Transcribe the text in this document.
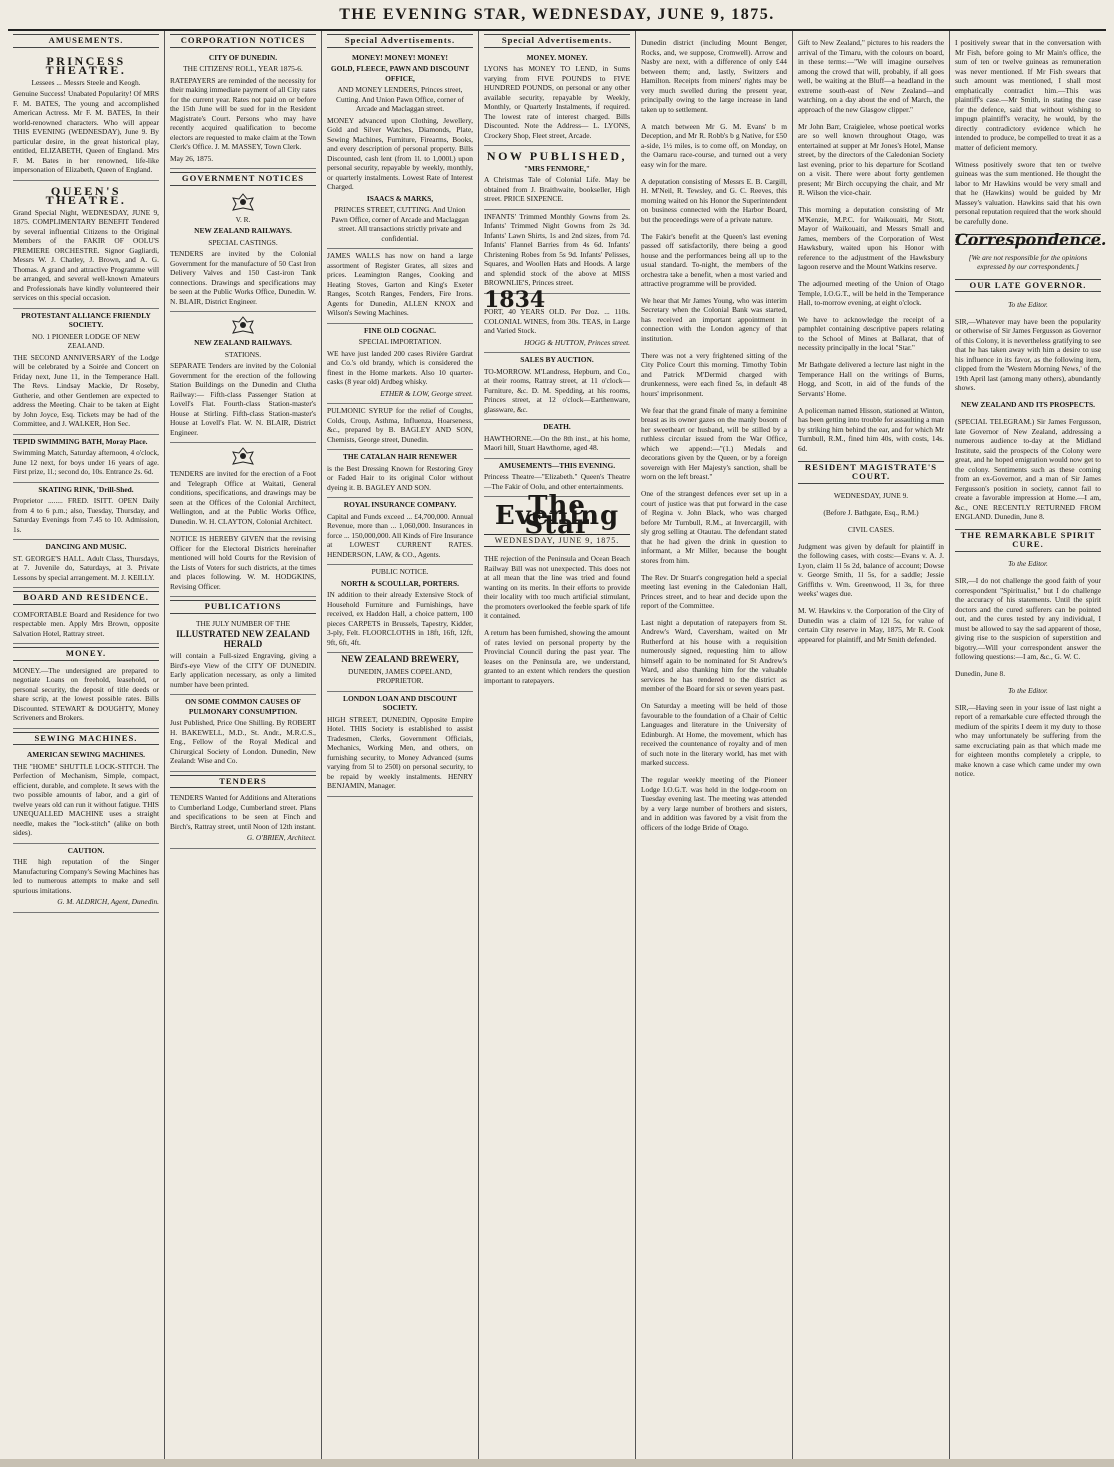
THE EVENING STAR, WEDNESDAY, JUNE 9, 1875.
AMUSEMENTS.
PRINCESS THEATRE.

Lessees ... Messrs Steele and Keogh.

Genuine Success! Unabated Popularity! Of MRS F. M. BATES, The young and accomplished American Actress. Mr F. M. BATES, In their world-renowned characters. Who will appear THIS EVENING (WEDNESDAY), June 9. By particular desire, in the great historical play, entitled, ELIZABETH, Queen of England. Mrs F. M. Bates in her renowned, life-like impersonation of Elizabeth, Queen of England.

QUEEN'S THEATRE.

Grand Special Night, WEDNESDAY, JUNE 9, 1875. COMPLIMENTARY BENEFIT Tendered by several influential Citizens to the Original Members of the FAKIR OF OOLU'S PREMIERE ORCHESTRE. Signor Gagliardi, Messrs W. J. Chatley, J. Brown, and A. G. Thomas. A grand and attractive Programme will be arranged, and several well-known Amateurs and Professionals have kindly volunteered their services on this special occasion.

PROTESTANT ALLIANCE FRIENDLY SOCIETY.

NO. 1 PIONEER LODGE OF NEW ZEALAND.

THE SECOND ANNIVERSARY of the Lodge will be celebrated by a Soirée and Concert on Friday next, June 11, in the Temperance Hall. The Revs. Lindsay Mackie, Dr Roseby, Gutherie, and other Gentlemen are expected to address the Meeting. Chair to be taken at Eight by John Joyce, Esq. Tickets may be had of the Committee, and J. WALKER, Hon Sec.

TEPID SWIMMING BATH, Moray Place.

Swimming Match, Saturday afternoon, 4 o'clock, June 12 next, for boys under 16 years of age. First prize, 1l.; second do, 10s. Entrance 2s. 6d.

SKATING RINK, 'Drill-Shed.

Proprietor ........ FRED. ISITT. OPEN Daily from 4 to 6 p.m.; also, Tuesday, Thursday, and Saturday Evenings from 7.45 to 10. Admission, 1s.

DANCING AND MUSIC.

ST. GEORGE'S HALL. Adult Class, Thursdays, at 7. Juvenile do, Saturdays, at 3. Private Lessons by special arrangement. M. J. KEILLY.

BOARD AND RESIDENCE.

COMFORTABLE Board and Residence for two respectable men. Apply Mrs Brown, opposite Salvation Hotel, Rattray street.

MONEY.

MONEY.—The undersigned are prepared to negotiate Loans on freehold, leasehold, or personal security, the deposit of title deeds or share scrip, at the lowest possible rates. Bills Discounted. STEWART & DOUGHTY, Money Scriveners and Brokers.

SEWING MACHINES.

AMERICAN SEWING MACHINES.

THE "HOME" SHUTTLE LOCK-STITCH. The Perfection of Mechanism, Simple, compact, efficient, durable, and complete. It sews with the two possible amounts of labor, and a girl of twelve years old can run it without fatigue. THIS UNEQUALLED MACHINE uses a straight needle, makes the "lock-stitch" (alike on both sides).

CAUTION.

THE high reputation of the Singer Manufacturing Company's Sewing Machines has led to numerous attempts to make and sell spurious imitations.

G. M. ALDRICH, Agent, Dunedin.

CORPORATION NOTICES

CITY OF DUNEDIN.

THE CITIZENS' ROLL, YEAR 1875-6.

RATEPAYERS are reminded of the necessity for their making immediate payment of all City rates for the current year. Rates not paid on or before the 15th June will be sued for in the Resident Magistrate's Court. Persons who may have recently acquired qualification to become electors are requested to make claim at the Town Clerk's Office. J. M. MASSEY, Town Clerk.

May 26, 1875.

GOVERNMENT NOTICES

V. R.

NEW ZEALAND RAILWAYS.

SPECIAL CASTINGS.

TENDERS are invited by the Colonial Government for the manufacture of 50 Cast Iron Delivery Valves and 150 Cast-iron Tank connections. Drawings and specifications may be seen at the Public Works Office, Dunedin. W. N. BLAIR, District Engineer.

NEW ZEALAND RAILWAYS.

STATIONS.

SEPARATE Tenders are invited by the Colonial Government for the erection of the following Station Buildings on the Dunedin and Clutha Railway:— Fifth-class Passenger Station at Lovell's Flat. Fourth-class Station-master's House at Stirling. Fifth-class Station-master's House at Lovell's Flat. W. N. BLAIR, District Engineer.

TENDERS are invited for the erection of a Foot and Telegraph Office at Waitati, General conditions, specifications, and drawings may be seen at the Offices of the Colonial Architect, Wellington, and at the Public Works Office, Dunedin. W. H. CLAYTON, Colonial Architect.

NOTICE IS HEREBY GIVEN that the revising Officer for the Electoral Districts hereinafter mentioned will hold Courts for the Revision of the Lists of Voters for such districts, at the times and places following. W. M. HODGKINS, Revising Officer.

PUBLICATIONS

THE JULY NUMBER OF THE

ILLUSTRATED NEW ZEALAND HERALD

will contain a Full-sized Engraving, giving a Bird's-eye View of the CITY OF DUNEDIN. Early application necessary, as only a limited number have been printed.

ON SOME COMMON CAUSES OF PULMONARY CONSUMPTION.

Just Published, Price One Shilling. By ROBERT H. BAKEWELL, M.D., St. Andr., M.R.C.S., Eng., Fellow of the Royal Medical and Chirurgical Society of London. Dunedin, New Zealand: Wise and Co.

TENDERS

TENDERS Wanted for Additions and Alterations to Cumberland Lodge, Cumberland street. Plans and specifications to be seen at Finch and Birch's, Rattray street, until Noon of 12th instant.

G. O'BRIEN, Architect.

Special Advertisements.

MONEY! MONEY! MONEY!

GOLD, FLEECE, PAWN AND DISCOUNT OFFICE,

AND MONEY LENDERS, Princes street, Cutting. And Union Pawn Office, corner of Arcade and Maclaggan street.

MONEY advanced upon Clothing, Jewellery, Gold and Silver Watches, Diamonds, Plate, Sewing Machines, Furniture, Firearms, Books, and every description of personal property. Bills Discounted, cash lent (from 1l. to 1,000l.) upon personal security, repayable by weekly, monthly, or quarterly instalments. Lowest Rate of Interest Charged.

ISAACS & MARKS,

PRINCES STREET, CUTTING. And Union Pawn Office, corner of Arcade and Maclaggan street. All transactions strictly private and confidential.

JAMES WALLS has now on hand a large assortment of Register Grates, all sizes and prices. Leamington Ranges, Cooking and Heating Stoves, Garton and King's Exeter Ranges, Scotch Ranges, Fenders, Fire Irons. Agents for Dunedin, ALLEN KNOX and Wilson's Sewing Machines.

FINE OLD COGNAC.

SPECIAL IMPORTATION.

WE have just landed 200 cases Rivière Gardrat and Co.'s old brandy, which is considered the finest in the Home markets. Also 10 quarter-casks (8 year old) Ardbeg whisky.

ETHER & LOW, George street.

PULMONIC SYRUP for the relief of Coughs, Colds, Croup, Asthma, Influenza, Hoarseness, &c., prepared by B. BAGLEY AND SON, Chemists, George street, Dunedin.

THE CATALAN HAIR RENEWER

is the Best Dressing Known for Restoring Grey or Faded Hair to its original Color without dyeing it. B. BAGLEY AND SON.

ROYAL INSURANCE COMPANY.

Capital and Funds exceed ... £4,700,000. Annual Revenue, more than ... 1,060,000. Insurances in force ... 150,000,000. All Kinds of Fire Insurance at LOWEST CURRENT RATES. HENDERSON, LAW, & CO., Agents.

PUBLIC NOTICE.

NORTH & SCOULLAR, PORTERS.

IN addition to their already Extensive Stock of Household Furniture and Furnishings, have received, ex Haddon Hall, a choice pattern, 100 pieces CARPETS in Brussels, Tapestry, Kidder, 3-ply, Felt. FLOORCLOTHS in 18ft, 16ft, 12ft, 9ft, 6ft, 4ft.

NEW ZEALAND BREWERY,

DUNEDIN, JAMES COPELAND, PROPRIETOR.

LONDON LOAN AND DISCOUNT SOCIETY.

HIGH STREET, DUNEDIN, Opposite Empire Hotel. THIS Society is established to assist Tradesmen, Clerks, Government Officials, Mechanics, Working Men, and others, on furnishing security, to Money Advanced (sums varying from 5l to 250l) on personal security, to be repaid by weekly instalments. HENRY BENJAMIN, Manager.

Special Advertisements.

MONEY. MONEY.

LYONS has MONEY TO LEND, in Sums varying from FIVE POUNDS to FIVE HUNDRED POUNDS, on personal or any other available security, repayable by Weekly, Monthly, or Quarterly Instalments, if required. The lowest rate of interest charged. Bills Discounted. Note the Address— L. LYONS, Crockery Shop, Fleet street, Arcade.

NOW PUBLISHED,

"MRS FENMORE,"

A Christmas Tale of Colonial Life. May be obtained from J. Braithwaite, bookseller, High street. PRICE SIXPENCE.

INFANTS' Trimmed Monthly Gowns from 2s. Infants' Trimmed Night Gowns from 2s 3d. Infants' Lawn Shirts, 1s and 2nd sizes, from 7d. Infants' Flannel Barries from 4s 6d. Infants' Christening Robes from 5s 9d. Infants' Pelisses, Squares, and Woollen Hats and Hoods. A large and splendid stock of the above at MISS BROWNLIE'S, Princes street.

1834

PORT, 40 YEARS OLD. Per Doz. ... 110s. COLONIAL WINES, from 30s. TEAS, in Large and Varied Stock.

HOGG & HUTTON, Princes street.

SALES BY AUCTION.

TO-MORROW. M'Landress, Hepburn, and Co., at their rooms, Rattray street, at 11 o'clock—Furniture, &c. D. M. Spedding, at his rooms, Princes street, at 12 o'clock—Earthenware, glassware, &c.

DEATH.

HAWTHORNE.—On the 8th inst., at his home, Maori hill, Stuart Hawthorne, aged 48.

AMUSEMENTS—THIS EVENING.

Princess Theatre—"Elizabeth." Queen's Theatre—The Fakir of Oolu, and other entertainments.

The Evening Star
WEDNESDAY, JUNE 9, 1875.

THE rejection of the Peninsula and Ocean Beach Railway Bill was not unexpected. This does not at all mean that the line was tried and found wanting on its merits. In their efforts to provide their locality with too much artificial stimulant, the promoters overlooked the feeble spark of life it contained.

A return has been furnished, showing the amount of rates levied on personal property by the Provincial Council during the past year. The leases on the Peninsula are, we understand, granted to an extent which renders the question important to ratepayers.

Dunedin district (including Mount Benger, Rocks, and, we suppose, Cromwell). Arrow and Nasby are next, with a difference of only £44 between them; and, lastly, Switzers and Hamilton. Receipts from miners' rights may be very much swelled during the present year, principally owing to the large increase in land taken up to settlement.

A match between Mr G. M. Evans' b m Deception, and Mr R. Robb's b g Native, for £50 a-side, 1½ miles, is to come off, on Monday, on the Oamaru race-course, and turned out a very easy win for the mare.

A deputation consisting of Messrs E. B. Cargill, H. M'Neil, R. Tewsley, and G. C. Reeves, this morning waited on his Honor the Superintendent on business connected with the Harbor Board, but the proceedings were of a private nature.

The Fakir's benefit at the Queen's last evening passed off satisfactorily, there being a good house and the performances being all up to the usual standard. To-night, the members of the orchestra take a benefit, when a most varied and attractive programme will be provided.

We hear that Mr James Young, who was interim Secretary when the Colonial Bank was started, has received an important appointment in connection with the London agency of that institution.

There was not a very frightened sitting of the City Police Court this morning. Timothy Tobin and Patrick M'Dermid charged with drunkenness, were each fined 5s, in default 48 hours' imprisonment.

We fear that the grand finale of many a feminine breast as its owner gazes on the manly bosom of her sweetheart or husband, will be stilled by a ruthless circular issued from the War Office, which we append:—"(1.) Medals and decorations given by the Queen, or by a foreign sovereign with Her Majesty's sanction, shall be worn on the left breast."

One of the strangest defences ever set up in a court of justice was that put forward in the case of Regina v. John Black, who was charged before Mr Turnbull, R.M., at Invercargill, with sly grog selling at Otautau. The defendant stated that he had given the drink in question to informant, a Mr Miller, because the bought stores from him.

The Rev. Dr Stuart's congregation held a special meeting last evening in the Caledonian Hall, Princes street, and to hear and decide upon the report of the Committee.

Last night a deputation of ratepayers from St. Andrew's Ward, Caversham, waited on Mr Rutherford at his house with a requisition numerously signed, requesting him to allow himself again to be nominated for St Andrew's Ward, and also thanking him for the valuable services he has rendered to the district as member of the Board for six or seven years past.

On Saturday a meeting will be held of those favourable to the foundation of a Chair of Celtic Languages and literature in the University of Edinburgh. At Home, the movement, which has received the countenance of royalty and of men of such note in the literary world, has met with marked success.

The regular weekly meeting of the Pioneer Lodge I.O.G.T. was held in the lodge-room on Tuesday evening last. The meeting was attended by a very large number of brothers and sisters, and in addition was favored by a visit from the officers of the lodge Bride of Otago.

Gift to New Zealand," pictures to his readers the arrival of the Timaru, with the colours on board, in these terms:—"We will imagine ourselves among the crowd that will, probably, if all goes well, be waiting at the Bluff—a headland in the extreme south-east of New Zealand—and watching, on a day about the end of March, the approach of the new Glasgow clipper."

Mr John Barr, Craigielee, whose poetical works are so well known throughout Otago, was entertained at supper at Mr Jones's Hotel, Manse street, by the directors of the Caledonian Society last evening, prior to his departure for Scotland on a visit. There were about forty gentlemen present; Mr Birch occupying the chair, and Mr R. Wilson the vice-chair.

This morning a deputation consisting of Mr M'Kenzie, M.P.C. for Waikouaiti, Mr Stott, Mayor of Waikouaiti, and Messrs Small and James, members of the Corporation of West Hawksbury, waited upon his Honor with reference to the adjustment of the Hawksbury lagoon reserve and the Mount Watkins reserve.

The adjourned meeting of the Union of Otago Temple, I.O.G.T., will be held in the Temperance Hall, to-morrow evening, at eight o'clock.

We have to acknowledge the receipt of a pamphlet containing descriptive papers relating to the School of Mines at Ballarat, that of necessity principally in the local "Star."

Mr Bathgate delivered a lecture last night in the Temperance Hall on the writings of Burns, Hogg, and Scott, in aid of the funds of the Servants' Home.

A policeman named Hisson, stationed at Winton, has been getting into trouble for assaulting a man by striking him behind the ear, and for which Mr Turnbull, R.M., fined him 40s, with costs, 14s. 6d.

RESIDENT MAGISTRATE'S COURT.

WEDNESDAY, JUNE 9.

(Before J. Bathgate, Esq., R.M.)

CIVIL CASES.

Judgment was given by default for plaintiff in the following cases, with costs:—Evans v. A. J. Lyon, claim 1l 5s 2d, balance of account; Dowse v. George Smith, 1l 5s, for a saddle; Jessie Griffiths v. Wm. Greenwood, 1l 3s, for three weeks' wages due.

M. W. Hawkins v. the Corporation of the City of Dunedin was a claim of 12l 5s, for value of certain City reserve in May, 1875, Mr R. Cook appeared for plaintiff, and Mr Smith defended.

I positively swear that in the conversation with Mr Fish, before going to Mr Main's office, the sum of ten or twelve guineas as remuneration was never mentioned. If Mr Fish swears that such amount was mentioned, I shall most emphatically contradict him.—This was plaintiff's case.—Mr Smith, in stating the case for the defence, said that without wishing to impugn plaintiff's veracity, he would, by the directly contradictory evidence which he intended to produce, be compelled to treat it as a matter of deficient memory.

Witness positively swore that ten or twelve guineas was the sum mentioned. He thought the labor to Mr Hawkins would be very small and that he (Hawkins) would be guided by Mr Massey's valuation. Hawkins said that his own personal reputation required that the work should be carefully done.

Correspondence.

[We are not responsible for the opinions expressed by our correspondents.]

OUR LATE GOVERNOR.

To the Editor.

SIR,—Whatever may have been the popularity or otherwise of Sir James Fergusson as Governor of this Colony, it is nevertheless gratifying to see that he has taken away with him a desire to use his influence in its favor, as the following item, clipped from the 'Western Morning News,' of the 19th April last (among many others), abundantly shows.

NEW ZEALAND AND ITS PROSPECTS.

(SPECIAL TELEGRAM.) Sir James Fergusson, late Governor of New Zealand, addressing a numerous audience to-day at the Midland Institute, said the prospects of the Colony were great, and he hoped emigration would now get to the colony. Sentiments such as these coming from an ex-Governor, and a man of Sir James Fergusson's position in society, cannot fail to create a favorable impression at Home.—I am, &c., ONE RECENTLY RETURNED FROM ENGLAND. Dunedin, June 8.

THE REMARKABLE SPIRIT CURE.

To the Editor.

SIR,—I do not challenge the good faith of your correspondent "Spiritualist," but I do challenge the accuracy of his statements. Until the spirit doctors and the cured sufferers can be pointed out, and the cures tested by any individual, I must be allowed to say the sad apparent of those, giving rise to the suspicion of superstition and bigotry.—Will your correspondent answer the following questions:—I am, &c., G. W. C.

Dunedin, June 8.

To the Editor.

SIR,—Having seen in your issue of last night a report of a remarkable cure effected through the medium of the spirits I deem it my duty to those who may unfortunately be suffering from the same excruciating pain as that which made me for eighteen months completely a cripple, to make known a case which came under my own notice.
